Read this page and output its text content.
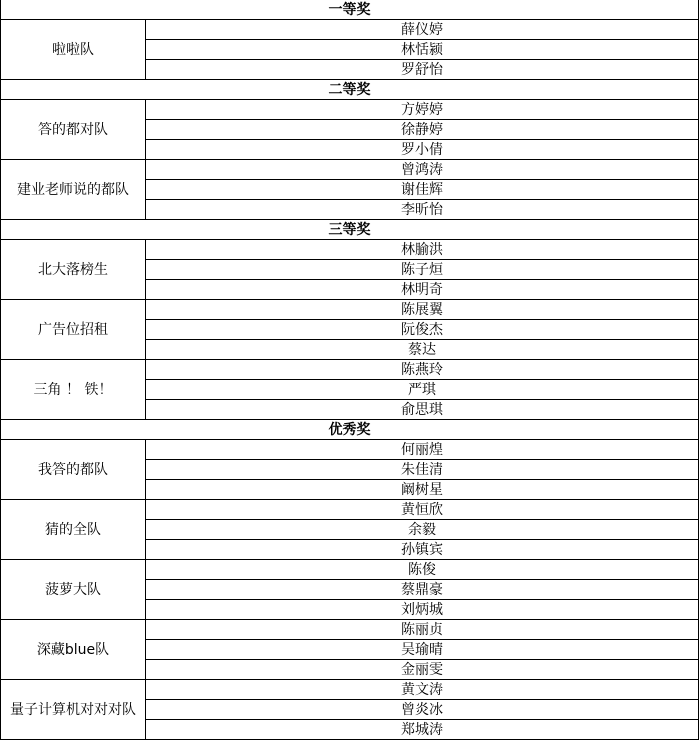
一等奖	
啦啦队	薛仪婷
	林恬颍
	罗舒怡
二等奖	
答的都对队	方婷婷
	徐静婷
	罗小倩
建业老师说的都队	曾鸿涛
	谢佳辉
	李昕怡
三等奖	
北大落榜生	林腧洪
	陈子烜
	林明奇
广告位招租	陈展翼
	阮俊杰
	蔡达
三角 ！ 铁！	陈燕玲
	严琪
	俞思琪
优秀奖	
我答的都队	何丽煌
	朱佳清
	阚树星
猜的全队	黄恒欣
	余毅
	孙镇宾
菠萝大队	陈俊
	蔡鼎豪
	刘炳城
深藏blue队	陈丽贞
	吴瑜晴
	金丽雯
量子计算机对对对队	黄文涛
	曾炎冰
	郑城涛
